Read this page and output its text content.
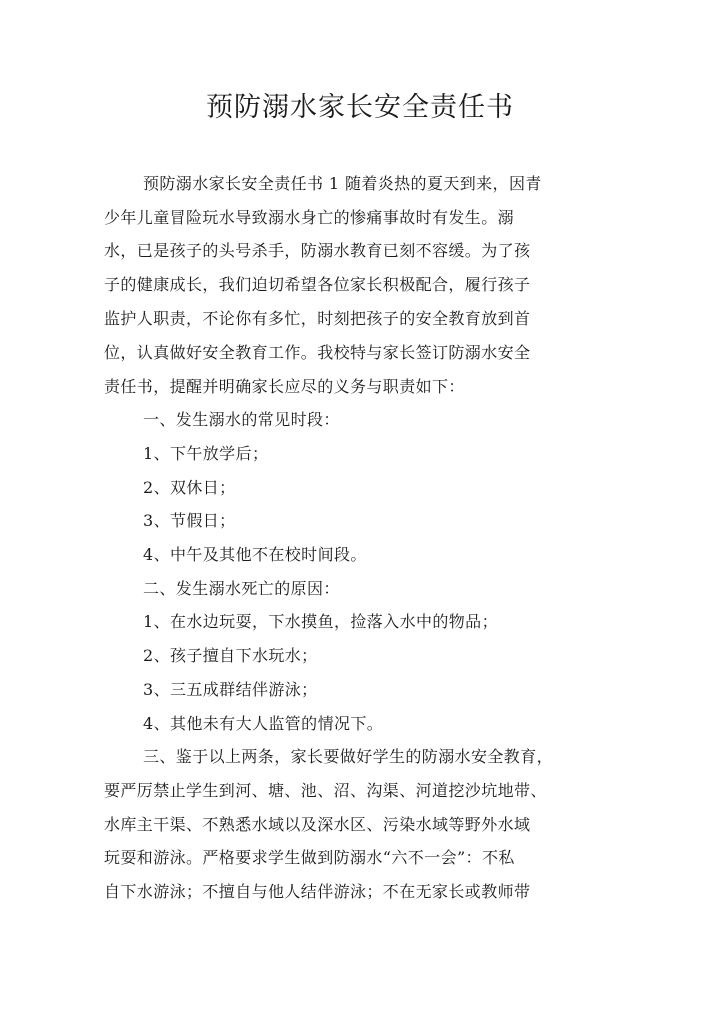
预防溺水家长安全责任书
预防溺水家长安全责任书 1 随着炎热的夏天到来，因青
少年儿童冒险玩水导致溺水身亡的惨痛事故时有发生。溺
水，已是孩子的头号杀手，防溺水教育已刻不容缓。为了孩
子的健康成长，我们迫切希望各位家长积极配合，履行孩子
监护人职责，不论你有多忙，时刻把孩子的安全教育放到首
位，认真做好安全教育工作。我校特与家长签订防溺水安全
责任书，提醒并明确家长应尽的义务与职责如下：
一、发生溺水的常见时段：
1、下午放学后；
2、双休日；
3、节假日；
4、中午及其他不在校时间段。
二、发生溺水死亡的原因：
1、在水边玩耍，下水摸鱼，捡落入水中的物品；
2、孩子擅自下水玩水；
3、三五成群结伴游泳；
4、其他未有大人监管的情况下。
三、鉴于以上两条，家长要做好学生的防溺水安全教育，
要严厉禁止学生到河、塘、池、沼、沟渠、河道挖沙坑地带、
水库主干渠、不熟悉水域以及深水区、污染水域等野外水域
玩耍和游泳。严格要求学生做到防溺水“六不一会”：不私
自下水游泳；不擅自与他人结伴游泳；不在无家长或教师带
